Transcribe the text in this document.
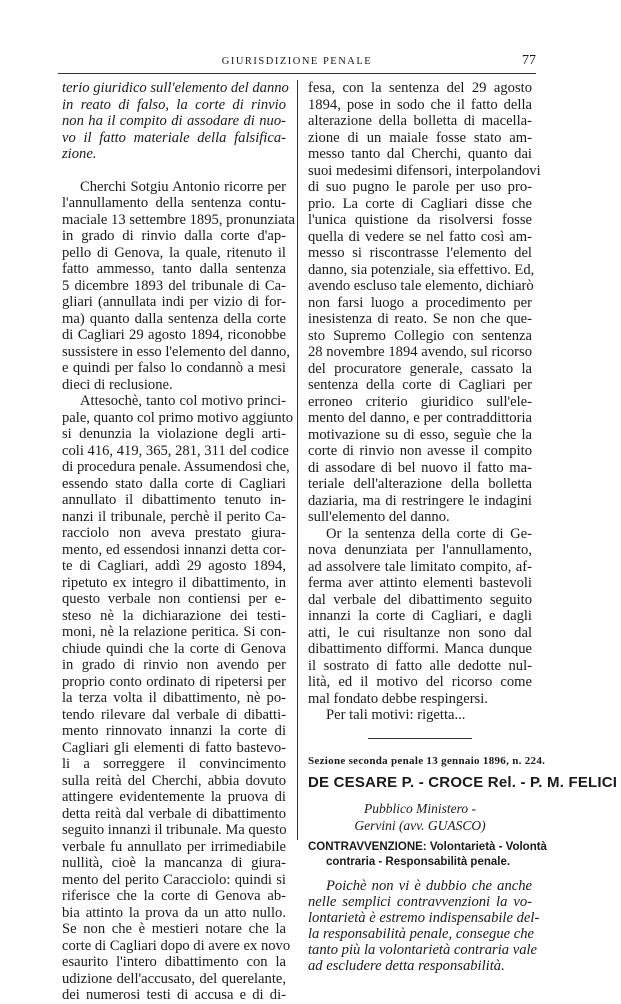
GIURISDIZIONE PENALE	77
terio giuridico sull'elemento del danno
in reato di falso, la corte di rinvio
non ha il compito di assodare di nuo-
vo il fatto materiale della falsifica-
zione.
Cherchi Sotgiu Antonio ricorre per
l'annullamento della sentenza contu-
maciale 13 settembre 1895, pronunziata
in grado di rinvio dalla corte d'ap-
pello di Genova, la quale, ritenuto il
fatto ammesso, tanto dalla sentenza
5 dicembre 1893 del tribunale di Ca-
gliari (annullata indi per vizio di for-
ma) quanto dalla sentenza della corte
di Cagliari 29 agosto 1894, riconobbe
sussistere in esso l'elemento del danno,
e quindi per falso lo condannò a mesi
dieci di reclusione.
Attesochè, tanto col motivo princi-
pale, quanto col primo motivo aggiunto
si denunzia la violazione degli arti-
coli 416, 419, 365, 281, 311 del codice
di procedura penale. Assumendosi che,
essendo stato dalla corte di Cagliari
annullato il dibattimento tenuto in-
nanzi il tribunale, perchè il perito Ca-
racciolo non aveva prestato giura-
mento, ed essendosi innanzi detta cor-
te di Cagliari, addì 29 agosto 1894,
ripetuto ex integro il dibattimento, in
questo verbale non contiensi per e-
steso nè la dichiarazione dei testi-
moni, nè la relazione peritica. Si con-
chiude quindi che la corte di Genova
in grado di rinvio non avendo per
proprio conto ordinato di ripetersi per
la terza volta il dibattimento, nè po-
tendo rilevare dal verbale di dibatti-
mento rinnovato innanzi la corte di
Cagliari gli elementi di fatto bastevo-
li a sorreggere il convincimento
sulla reità del Cherchi, abbia dovuto
attingere evidentemente la pruova di
detta reità dal verbale di dibattimento
seguito innanzi il tribunale. Ma questo
verbale fu annullato per irrimediabile
nullità, cioè la mancanza di giura-
mento del perito Caracciolo: quindi si
riferisce che la corte di Genova ab-
bia attinto la prova da un atto nullo.
Se non che è mestieri notare che la
corte di Cagliari dopo di avere ex novo
esaurito l'intero dibattimento con la
udizione dell'accusato, del querelante,
dei numerosi testi di accusa e di di-
fesa, con la sentenza del 29 agosto
1894, pose in sodo che il fatto della
alterazione della bolletta di macella-
zione di un maiale fosse stato am-
messo tanto dal Cherchi, quanto dai
suoi medesimi difensori, interpolandovi
di suo pugno le parole per uso pro-
prio. La corte di Cagliari disse che
l'unica quistione da risolversi fosse
quella di vedere se nel fatto così am-
messo si riscontrasse l'elemento del
danno, sia potenziale, sia effettivo. Ed,
avendo escluso tale elemento, dichiarò
non farsi luogo a procedimento per
inesistenza di reato. Se non che que-
sto Supremo Collegio con sentenza
28 novembre 1894 avendo, sul ricorso
del procuratore generale, cassato la
sentenza della corte di Cagliari per
erroneo criterio giuridico sull'ele-
mento del danno, e per contraddittoria
motivazione su di esso, seguìe che la
corte di rinvio non avesse il compito
di assodare di bel nuovo il fatto ma-
teriale dell'alterazione della bolletta
daziaria, ma di restringere le indagini
sull'elemento del danno.
Or la sentenza della corte di Ge-
nova denunziata per l'annullamento,
ad assolvere tale limitato compito, af-
ferma aver attinto elementi bastevoli
dal verbale del dibattimento seguito
innanzi la corte di Cagliari, e dagli
atti, le cui risultanze non sono dal
dibattimento difformi. Manca dunque
il sostrato di fatto alle dedotte nul-
lità, ed il motivo del ricorso come
mal fondato debbe respingersi.
Per tali motivi: rigetta...
Sezione seconda penale 13 gennaio 1896, n. 224.
DE CESARE P. - CROCE Rel. - P. M. FELICI
Pubblico Ministero -
Gervini (avv. GUASCO)
CONTRAVVENZIONE: Volontarietà - Volontà
contraria - Responsabilità penale.
Poichè non vi è dubbio che anche
nelle semplici contravvenzioni la vo-
lontarietà è estremo indispensabile del-
la responsabilità penale, consegue che
tanto più la volontarietà contraria vale
ad escludere detta responsabilità.
